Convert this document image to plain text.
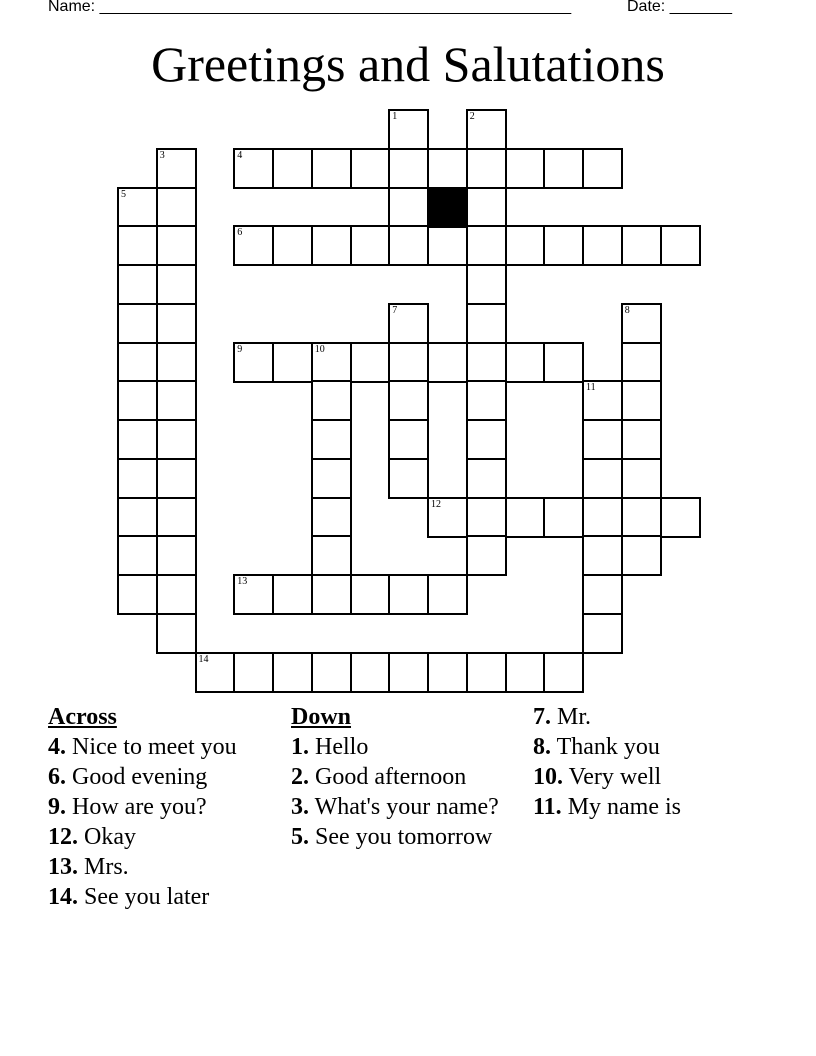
Name: _____________________________________________________	Date: _______
Greetings and Salutations
1	2
3	4
5
6
7	8
9	10
11
12
13
14
Across
4. Nice to meet you
6. Good evening
9. How are you?
12. Okay
13. Mrs.
14. See you later
Down
1. Hello
2. Good afternoon
3. What's your name?
5. See you tomorrow
7. Mr.
8. Thank you
10. Very well
11. My name is
